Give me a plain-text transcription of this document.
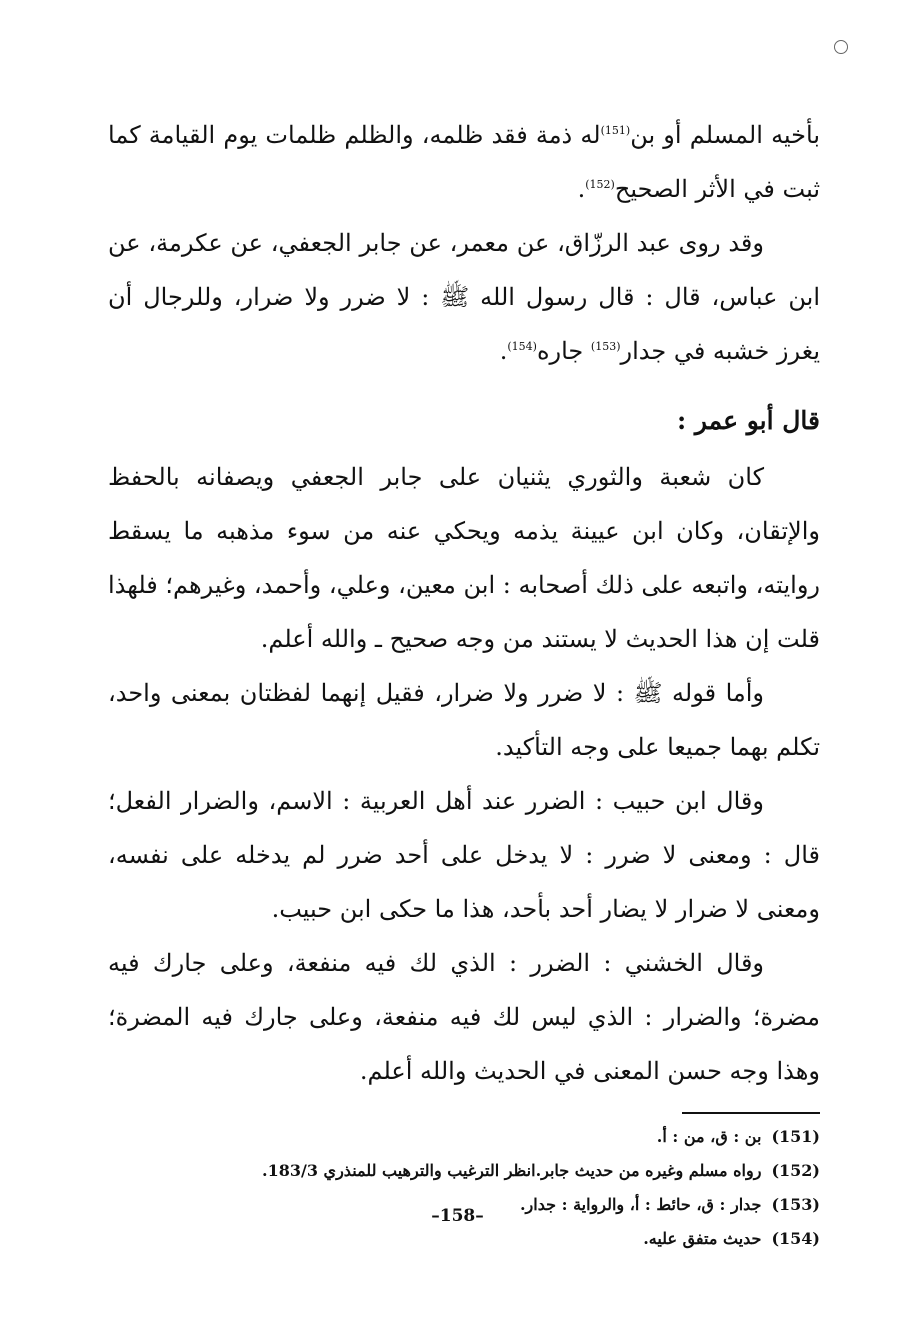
بأخيه المسلم أو بن$^{(151)}$له ذمة فقد ظلمه، والظلم ظلمات يوم القيامة كما ثبت في الأثر الصحيح$^{(152)}$.

وقد روى عبد الرزّاق، عن معمر، عن جابر الجعفي، عن عكرمة، عن ابن عباس، قال : قال رسول الله ﷺ : لا ضرر ولا ضرار، وللرجال أن يغرز خشبه في جدار$^{(153)}$ جاره$^{(154)}$.

قال أبو عمر :

كان شعبة والثوري يثنيان على جابر الجعفي ويصفانه بالحفظ والإتقان، وكان ابن عيينة يذمه ويحكي عنه من سوء مذهبه ما يسقط روايته، واتبعه على ذلك أصحابه : ابن معين، وعلي، وأحمد، وغيرهم؛ فلهذا قلت إن هذا الحديث لا يستند من وجه صحيح ـ والله أعلم.

وأما قوله ﷺ : لا ضرر ولا ضرار، فقيل إنهما لفظتان بمعنى واحد، تكلم بهما جميعا على وجه التأكيد.

وقال ابن حبيب : الضرر عند أهل العربية : الاسم، والضرار الفعل؛ قال : ومعنى لا ضرر : لا يدخل على أحد ضرر لم يدخله على نفسه، ومعنى لا ضرار لا يضار أحد بأحد، هذا ما حكى ابن حبيب.

وقال الخشني : الضرر : الذي لك فيه منفعة، وعلى جارك فيه مضرة؛ والضرار : الذي ليس لك فيه منفعة، وعلى جارك فيه المضرة؛ وهذا وجه حسن المعنى في الحديث والله أعلم.

(151)بن : ق، من : أ.
(152)رواه مسلم وغيره من حديث جابر.انظر الترغيب والترهيب للمنذري 183/3.
(153)جدار : ق، حائط : أ، والرواية : جدار.
(154)حديث متفق عليه.
–158–
